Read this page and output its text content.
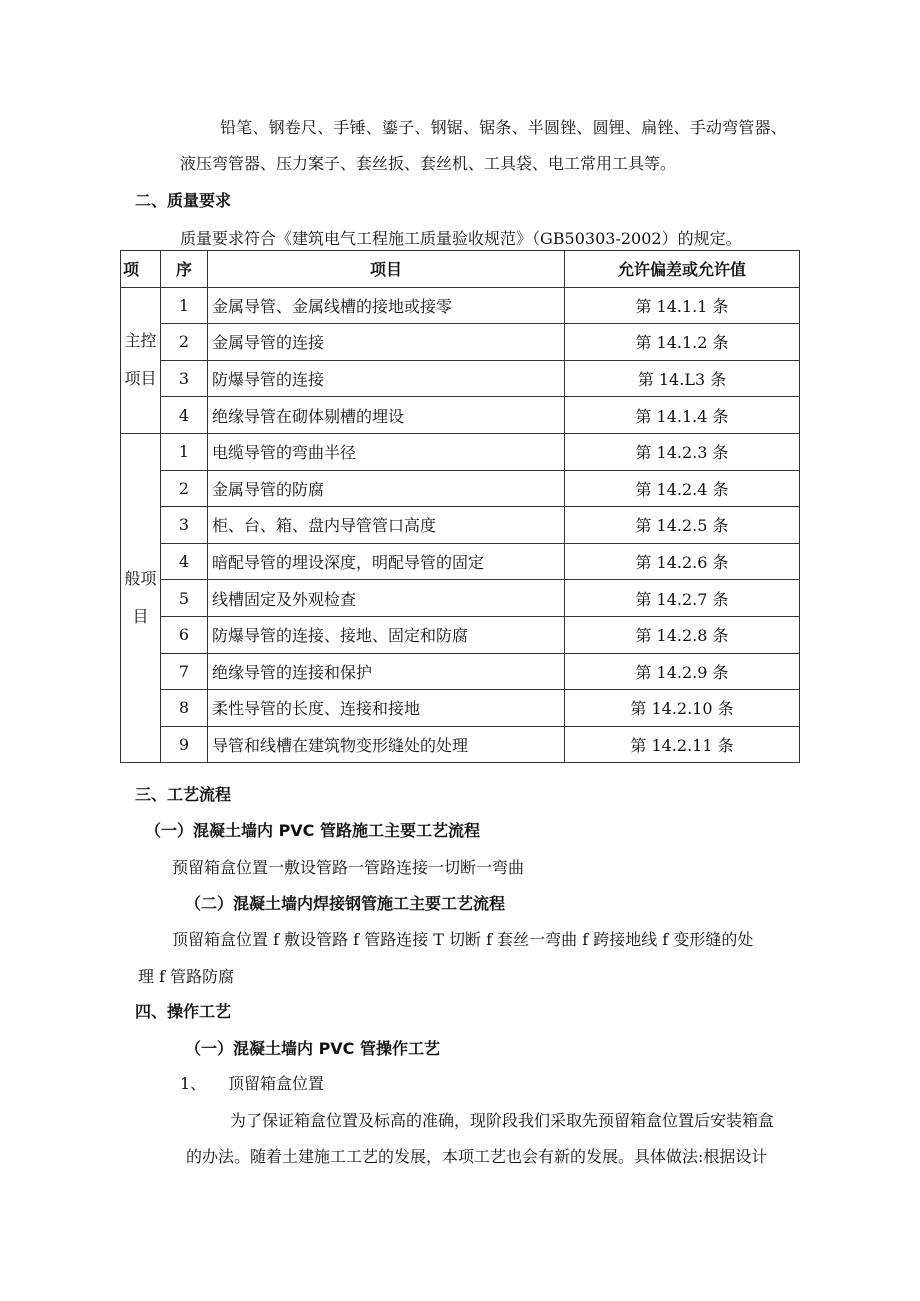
铅笔、钢卷尺、手锤、鎏子、钢锯、锯条、半圆锉、圆锂、扁锉、手动弯管器、
液压弯管器、压力案子、套丝扳、套丝机、工具袋、电工常用工具等。
二、质量要求
质量要求符合《建筑电气工程施工质量验收规范》（GB50303-2002）的规定。
项	序	项目	允许偏差或允许值

主控
项目	1	金属导管、金属线槽的接地或接零	第 14.1.1 条
	2	金属导管的连接	第 14.1.2 条
	3	防爆导管的连接	第 14.L3 条
	4	绝缘导管在砌体剔槽的埋设	第 14.1.4 条

般项
目	1	电缆导管的弯曲半径	第 14.2.3 条
	2	金属导管的防腐	第 14.2.4 条
	3	柜、台、箱、盘内导管管口高度	第 14.2.5 条
	4	暗配导管的埋设深度，明配导管的固定	第 14.2.6 条
	5	线槽固定及外观检查	第 14.2.7 条
	6	防爆导管的连接、接地、固定和防腐	第 14.2.8 条
	7	绝缘导管的连接和保护	第 14.2.9 条
	8	柔性导管的长度、连接和接地	第 14.2.10 条
	9	导管和线槽在建筑物变形缝处的处理	第 14.2.11 条
三、工艺流程
（一）混凝土墙内 PVC 管路施工主要工艺流程
预留箱盒位置一敷设管路一管路连接一切断一弯曲
（二）混凝土墙内焊接钢管施工主要工艺流程
顶留箱盒位置 f 敷设管路 f 管路连接 T 切断 f 套丝一弯曲 f 跨接地线 f 变形缝的处
理 f 管路防腐
四、操作工艺
（一）混凝土墙内 PVC 管操作工艺
1、 顶留箱盒位置
为了保证箱盒位置及标高的准确，现阶段我们采取先预留箱盒位置后安装箱盒
的办法。随着土建施工工艺的发展，本项工艺也会有新的发展。具体做法:根据设计
